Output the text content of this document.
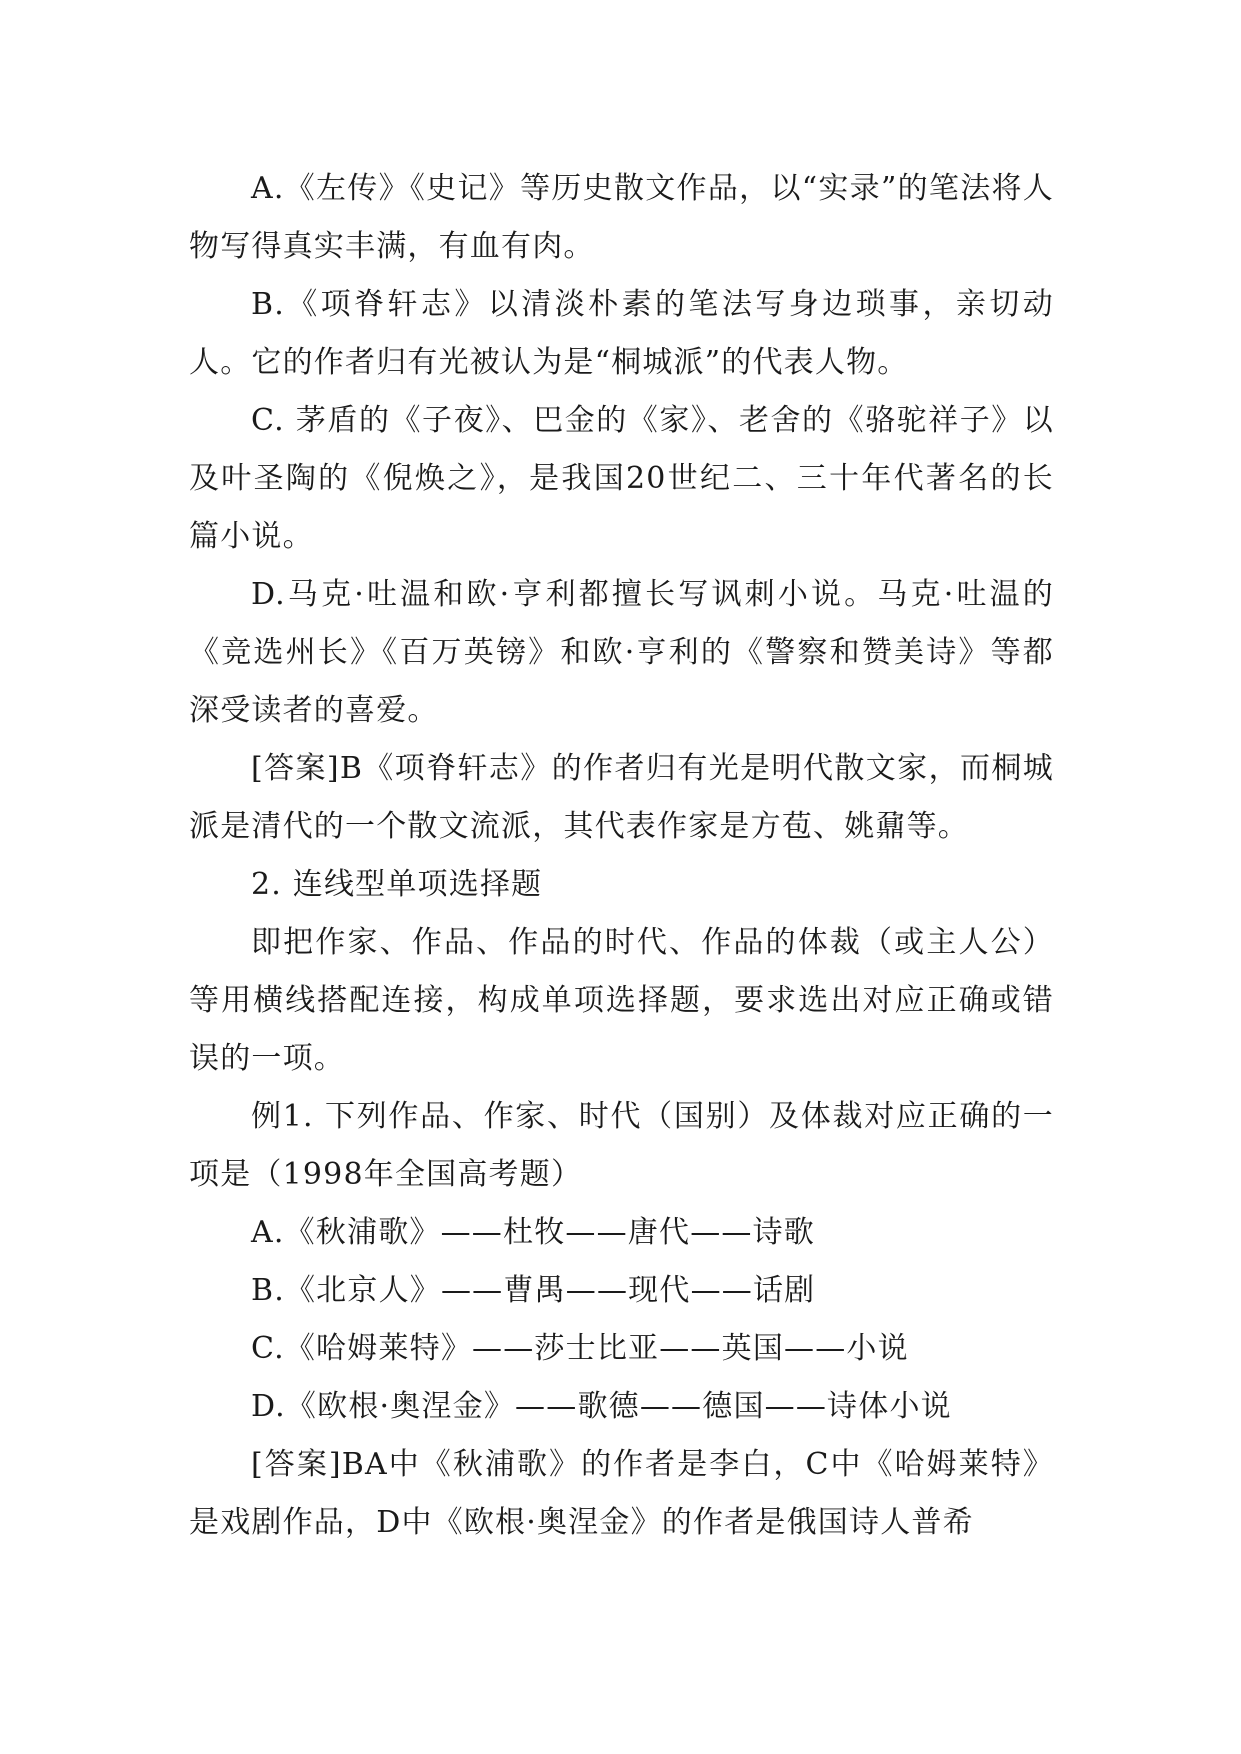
A.《左传》《史记》等历史散文作品，以“实录”的笔法将人物写得真实丰满，有血有肉。

B.《项脊轩志》以清淡朴素的笔法写身边琐事，亲切动人。它的作者归有光被认为是“桐城派”的代表人物。

C. 茅盾的《子夜》、巴金的《家》、老舍的《骆驼祥子》以及叶圣陶的《倪焕之》，是我国20世纪二、三十年代著名的长篇小说。

D.马克·吐温和欧·亨利都擅长写讽刺小说。马克·吐温的《竞选州长》《百万英镑》和欧·亨利的《警察和赞美诗》等都深受读者的喜爱。

[答案]B《项脊轩志》的作者归有光是明代散文家，而桐城派是清代的一个散文流派，其代表作家是方苞、姚鼐等。

2. 连线型单项选择题

即把作家、作品、作品的时代、作品的体裁（或主人公）等用横线搭配连接，构成单项选择题，要求选出对应正确或错误的一项。

例1. 下列作品、作家、时代（国别）及体裁对应正确的一项是（1998年全国高考题）

A.《秋浦歌》——杜牧——唐代——诗歌

B.《北京人》——曹禺——现代——话剧

C.《哈姆莱特》——莎士比亚——英国——小说

D.《欧根·奥涅金》——歌德——德国——诗体小说

[答案]BA中《秋浦歌》的作者是李白，C中《哈姆莱特》是戏剧作品，D中《欧根·奥涅金》的作者是俄国诗人普希
